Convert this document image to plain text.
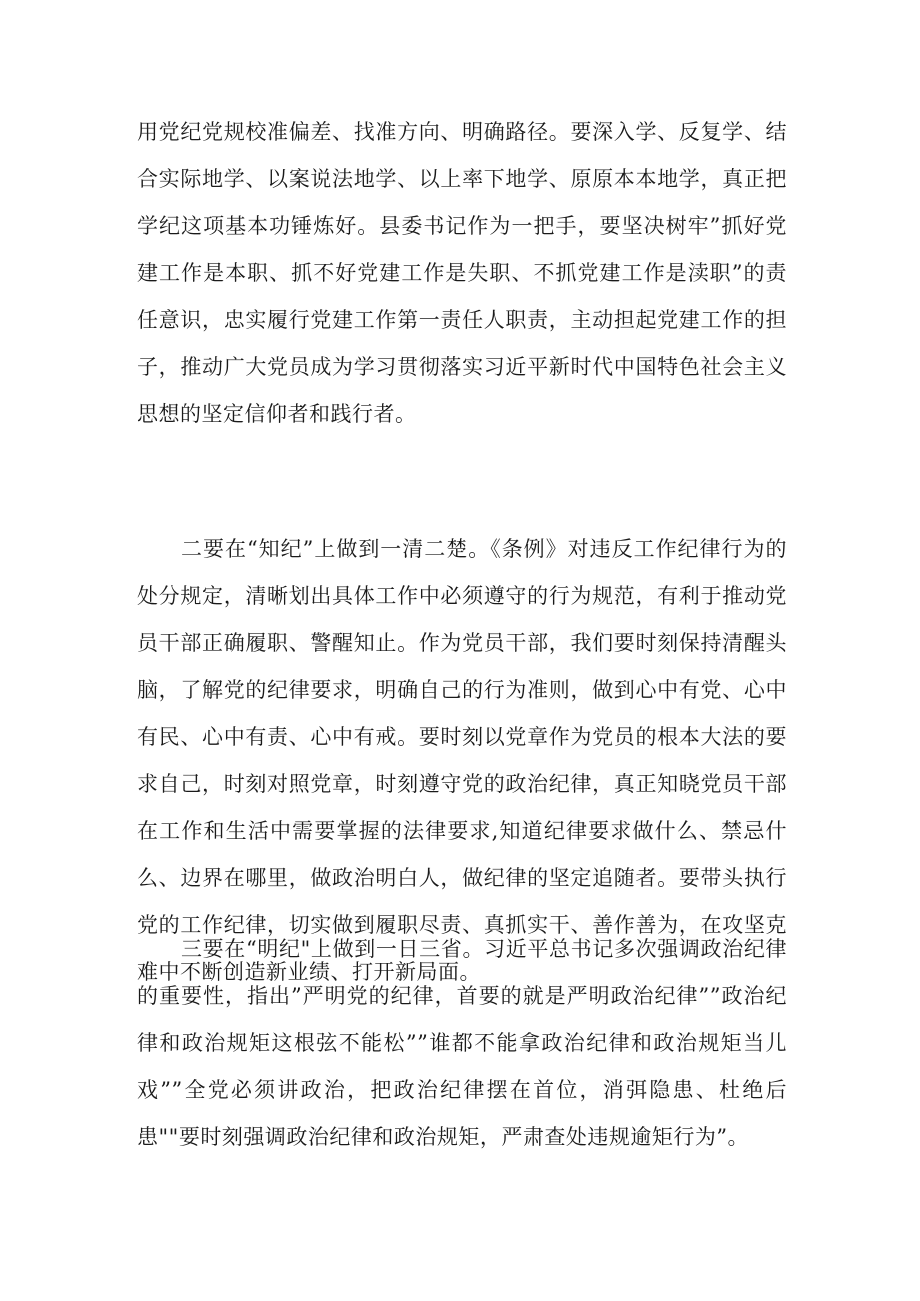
用党纪党规校准偏差、找准方向、明确路径。要深入学、反复学、结合实际地学、以案说法地学、以上率下地学、原原本本地学，真正把学纪这项基本功锤炼好。县委书记作为一把手，要坚决树牢”抓好党建工作是本职、抓不好党建工作是失职、不抓党建工作是渎职”的责任意识，忠实履行党建工作第一责任人职责，主动担起党建工作的担子，推动广大党员成为学习贯彻落实习近平新时代中国特色社会主义思想的坚定信仰者和践行者。

二要在“知纪”上做到一清二楚。《条例》对违反工作纪律行为的处分规定，清晰划出具体工作中必须遵守的行为规范，有利于推动党员干部正确履职、警醒知止。作为党员干部，我们要时刻保持清醒头脑，了解党的纪律要求，明确自己的行为准则，做到心中有党、心中有民、心中有责、心中有戒。要时刻以党章作为党员的根本大法的要求自己，时刻对照党章，时刻遵守党的政治纪律，真正知晓党员干部在工作和生活中需要掌握的法律要求,知道纪律要求做什么、禁忌什么、边界在哪里，做政治明白人，做纪律的坚定追随者。要带头执行党的工作纪律，切实做到履职尽责、真抓实干、善作善为，在攻坚克难中不断创造新业绩、打开新局面。

三要在“明纪"上做到一日三省。习近平总书记多次强调政治纪律的重要性，指出”严明党的纪律，首要的就是严明政治纪律””政治纪律和政治规矩这根弦不能松””谁都不能拿政治纪律和政治规矩当儿戏””全党必须讲政治，把政治纪律摆在首位，消弭隐患、杜绝后患""要时刻强调政治纪律和政治规矩，严肃查处违规逾矩行为”。
